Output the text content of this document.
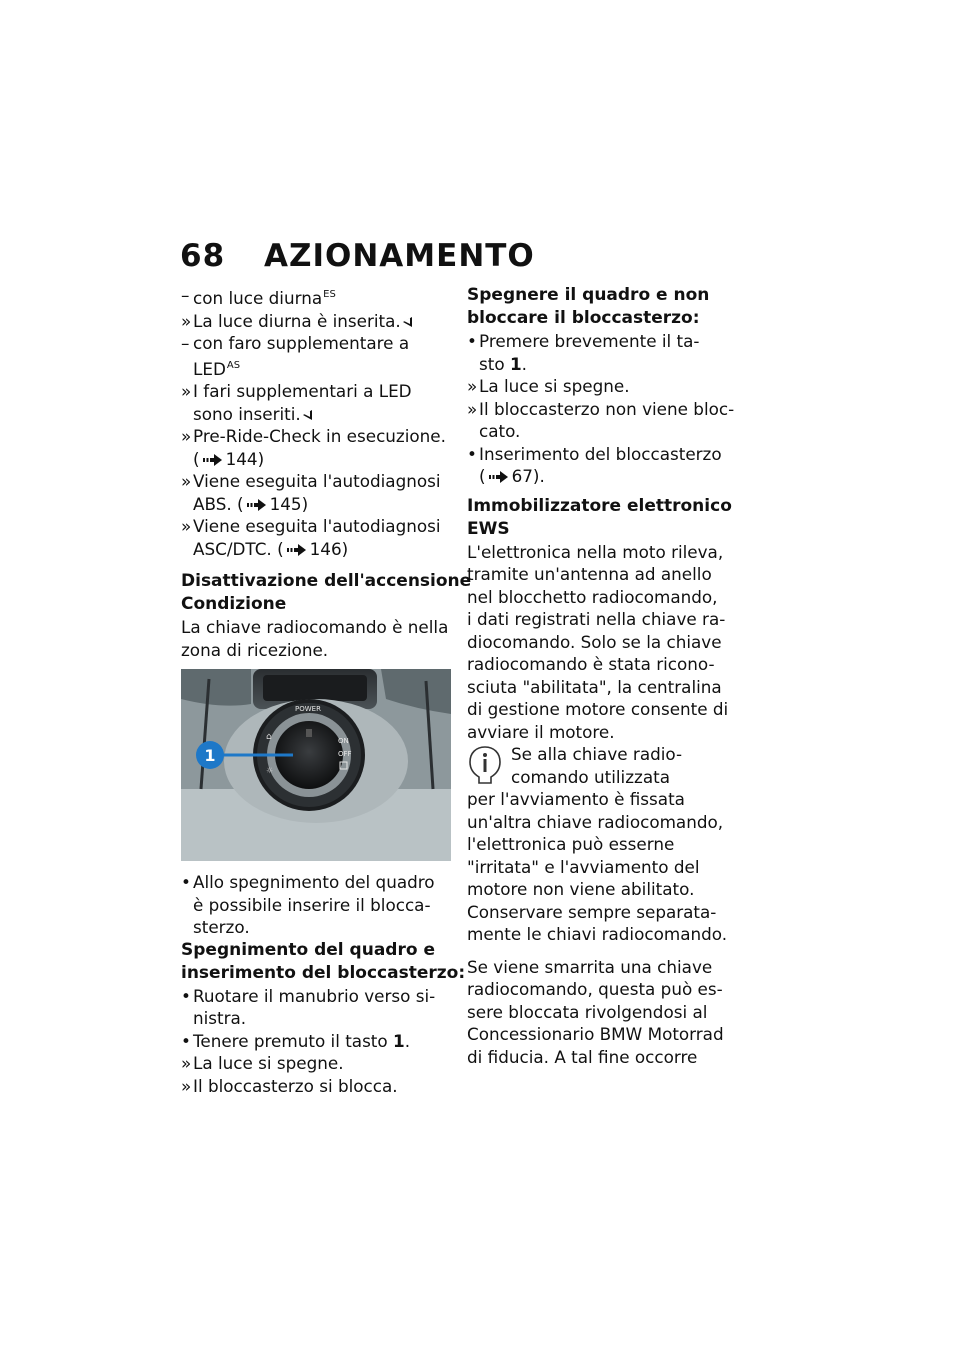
68 AZIONAMENTO
– con luce diurna$^{ES}$
» La luce diurna è inserita.
– con faro supplementare a
$LED^{AS}$
» I fari supplementari a LED
sono inseriti.
» Pre-Ride-Check in esecuzione.
( 144)
» Viene eseguita l'autodiagnosi
ABS. ( 145)
» Viene eseguita l'autodiagnosi
ASC/DTC. ( 146)
Disattivazione dell'accensione
Condizione
La chiave radiocomando è nella
zona di ricezione.
POWER
ON
OFF
⌂
☼
1
• Allo spegnimento del quadro
è possibile inserire il blocca-
sterzo.
Spegnimento del quadro e
inserimento del bloccasterzo:
• Ruotare il manubrio verso si-
nistra.
• Tenere premuto il tasto 1.
» La luce si spegne.
» Il bloccasterzo si blocca.
Spegnere il quadro e non
bloccare il bloccasterzo:
• Premere brevemente il ta-
sto 1.
» La luce si spegne.
» Il bloccasterzo non viene bloc-
cato.
• Inserimento del bloccasterzo
( 67).
Immobilizzatore elettronico
EWS
L'elettronica nella moto rileva,
tramite un'antenna ad anello
nel blocchetto radiocomando,
i dati registrati nella chiave ra-
diocomando. Solo se la chiave
radiocomando è stata ricono-
sciuta "abilitata", la centralina
di gestione motore consente di
avviare il motore.
Se alla chiave radio-
comando utilizzata
per l'avviamento è fissata
un'altra chiave radiocomando,
l'elettronica può esserne
"irritata" e l'avviamento del
motore non viene abilitato.
Conservare sempre separata-
mente le chiavi radiocomando.
Se viene smarrita una chiave
radiocomando, questa può es-
sere bloccata rivolgendosi al
Concessionario BMW Motorrad
di fiducia. A tal fine occorre
